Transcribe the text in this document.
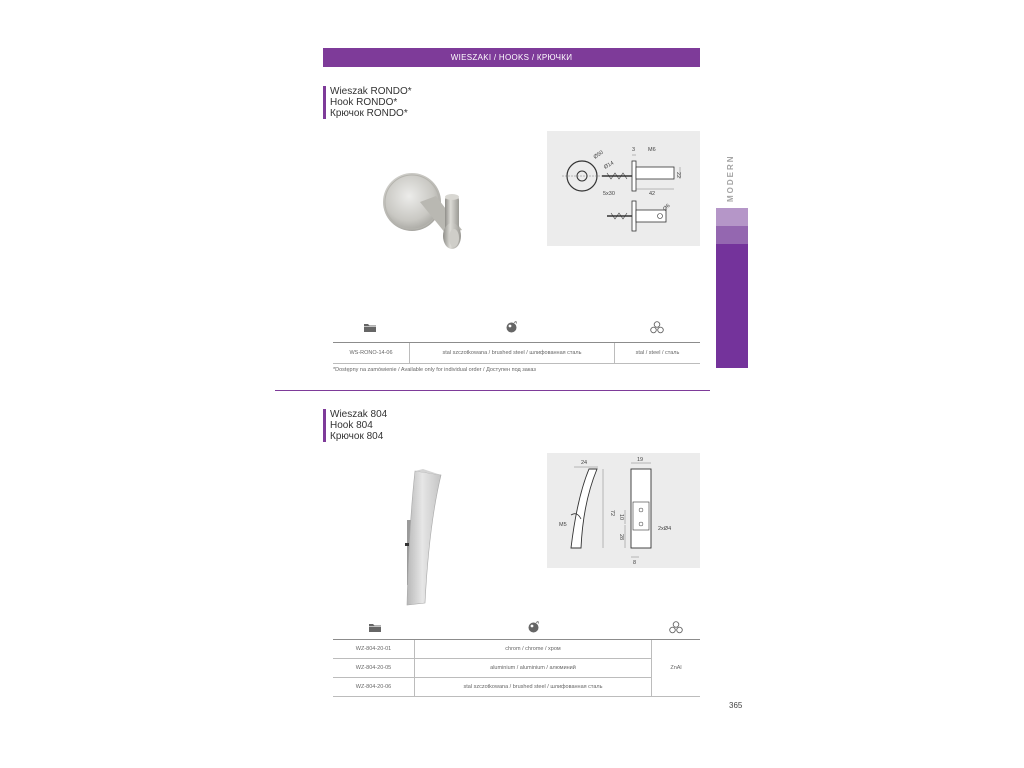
WIESZAKI / HOOKS / КРЮЧКИ
MODERN
Wieszak RONDO*
Hook RONDO*
Крючок RONDO*
Ø50
Ø14
3 M6
22
42
5x30
Ø6
WS-RONO-14-06	stal szczotkowana / brushed steel / шлифованная сталь	stal / steel / сталь
*Dostępny na zamówienie / Available only for individual order / Доступен под заказ
Wieszak 804
Hook 804
Крючок 804
24	19
M5
72
10
28
2xØ4
8
WZ-804-20-01	chrom / chrome / хром
WZ-804-20-05	aluminium / aluminium / алюминий
WZ-804-20-06	stal szczotkowana / brushed steel / шлифованная сталь
ZnAl
365
